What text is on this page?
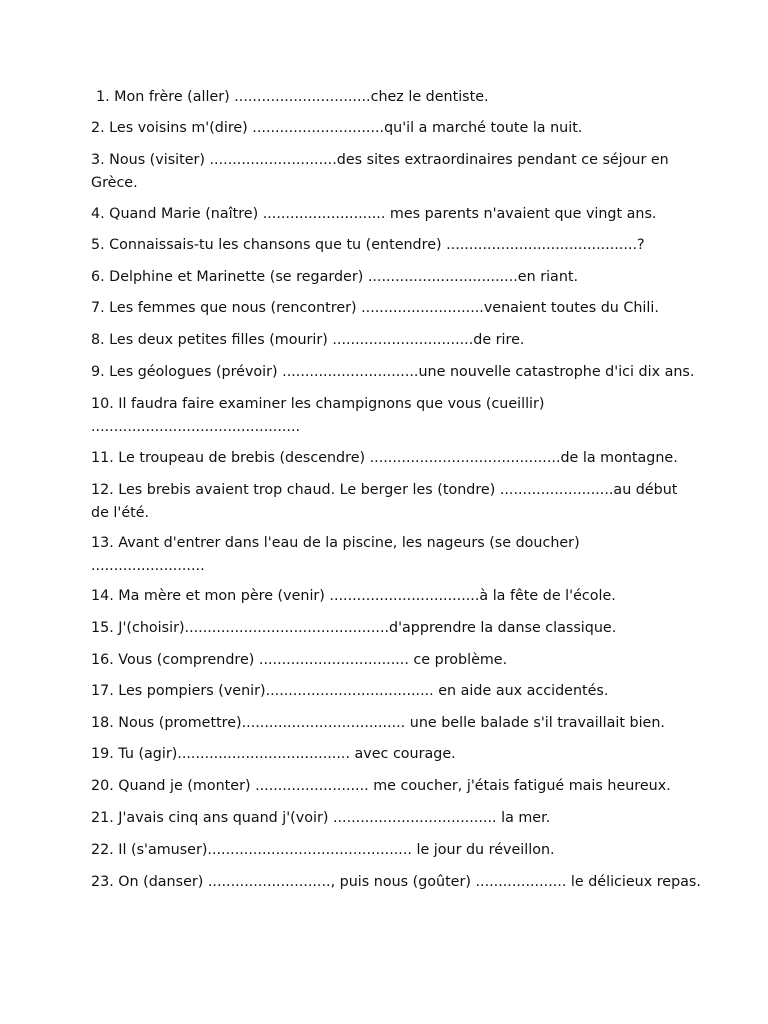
1. Mon frère (aller) ..............................chez le dentiste.
2. Les voisins m'(dire) .............................qu'il a marché toute la nuit.
3. Nous (visiter) ............................des sites extraordinaires pendant ce séjour en Grèce.
4. Quand Marie (naître) ........................... mes parents n'avaient que vingt ans.
5. Connaissais-tu les chansons que tu (entendre) ..........................................?
6. Delphine et Marinette (se regarder) .................................en riant.
7. Les femmes que nous (rencontrer) ...........................venaient toutes du Chili.
8. Les deux petites filles (mourir) ...............................de rire.
9. Les géologues (prévoir) ..............................une nouvelle catastrophe d'ici dix ans.
10. Il faudra faire examiner les champignons que vous (cueillir) ..............................................
11. Le troupeau de brebis (descendre) ..........................................de la montagne.
12. Les brebis avaient trop chaud. Le berger les (tondre) .........................au début de l'été.
13. Avant d'entrer dans l'eau de la piscine, les nageurs (se doucher) .........................
14. Ma mère et mon père (venir) .................................à la fête de l'école.
15. J'(choisir).............................................d'apprendre la danse classique.
16. Vous (comprendre) ................................. ce problème.
17. Les pompiers (venir)..................................... en aide aux accidentés.
18. Nous (promettre).................................... une belle balade s'il travaillait bien.
19. Tu (agir)...................................... avec courage.
20. Quand je (monter) ......................... me coucher, j'étais fatigué mais heureux.
21. J'avais cinq ans quand j'(voir) .................................... la mer.
22. Il (s'amuser)............................................. le jour du réveillon.
23. On (danser) ..........................., puis nous (goûter) .................... le délicieux repas.
